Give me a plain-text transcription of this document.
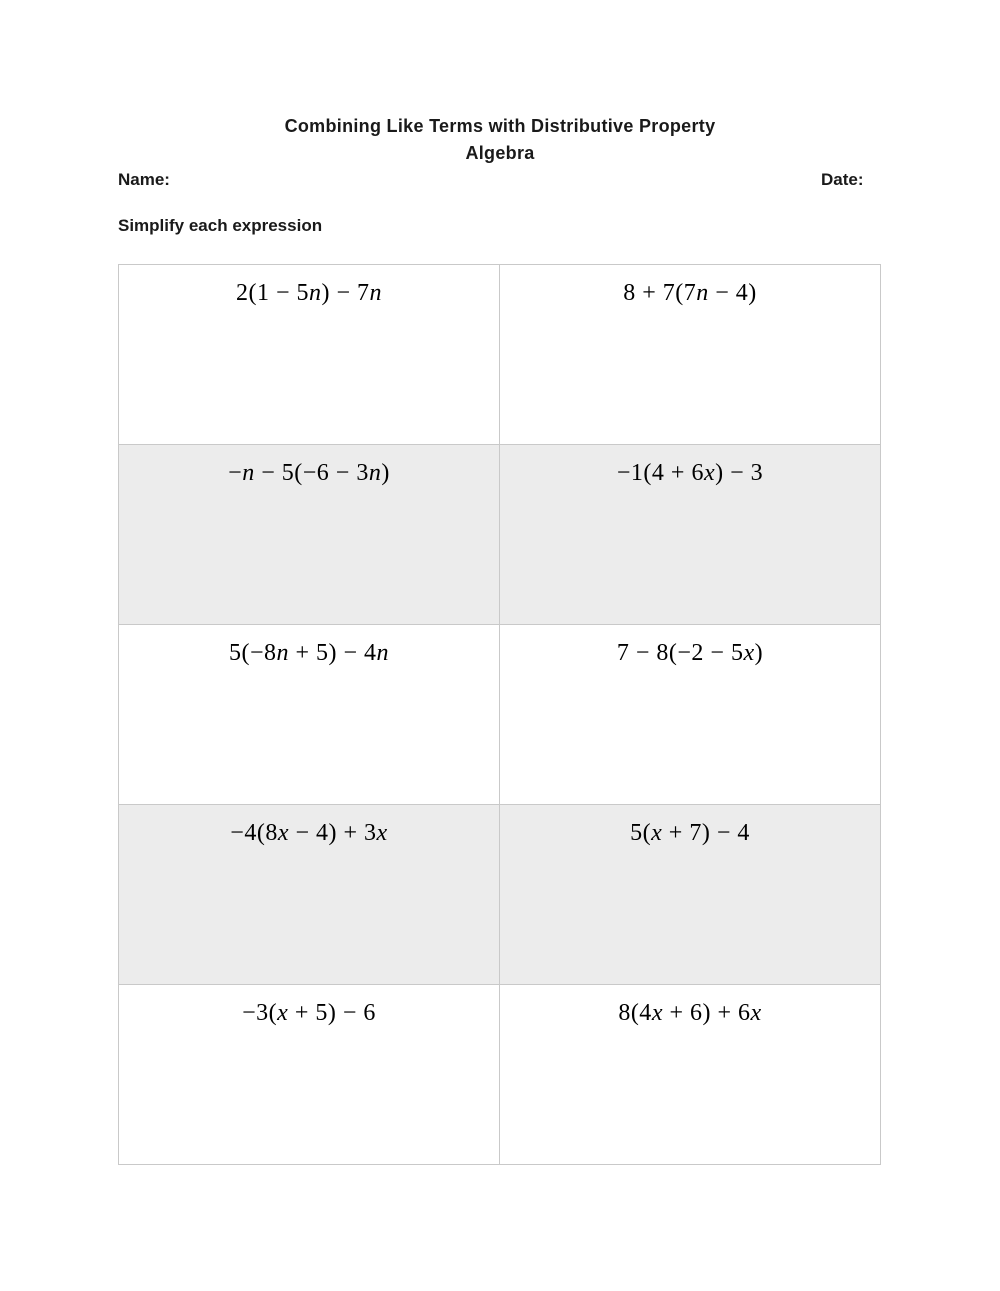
Combining Like Terms with Distributive Property
Algebra
Name:	Date:
Simplify each expression
2(1 − 5n) − 7n	8 + 7(7n − 4)
−n − 5(−6 − 3n)	−1(4 + 6x) − 3
5(−8n + 5) − 4n	7 − 8(−2 − 5x)
−4(8x − 4) + 3x	5(x + 7) − 4
−3(x + 5) − 6	8(4x + 6) + 6x
